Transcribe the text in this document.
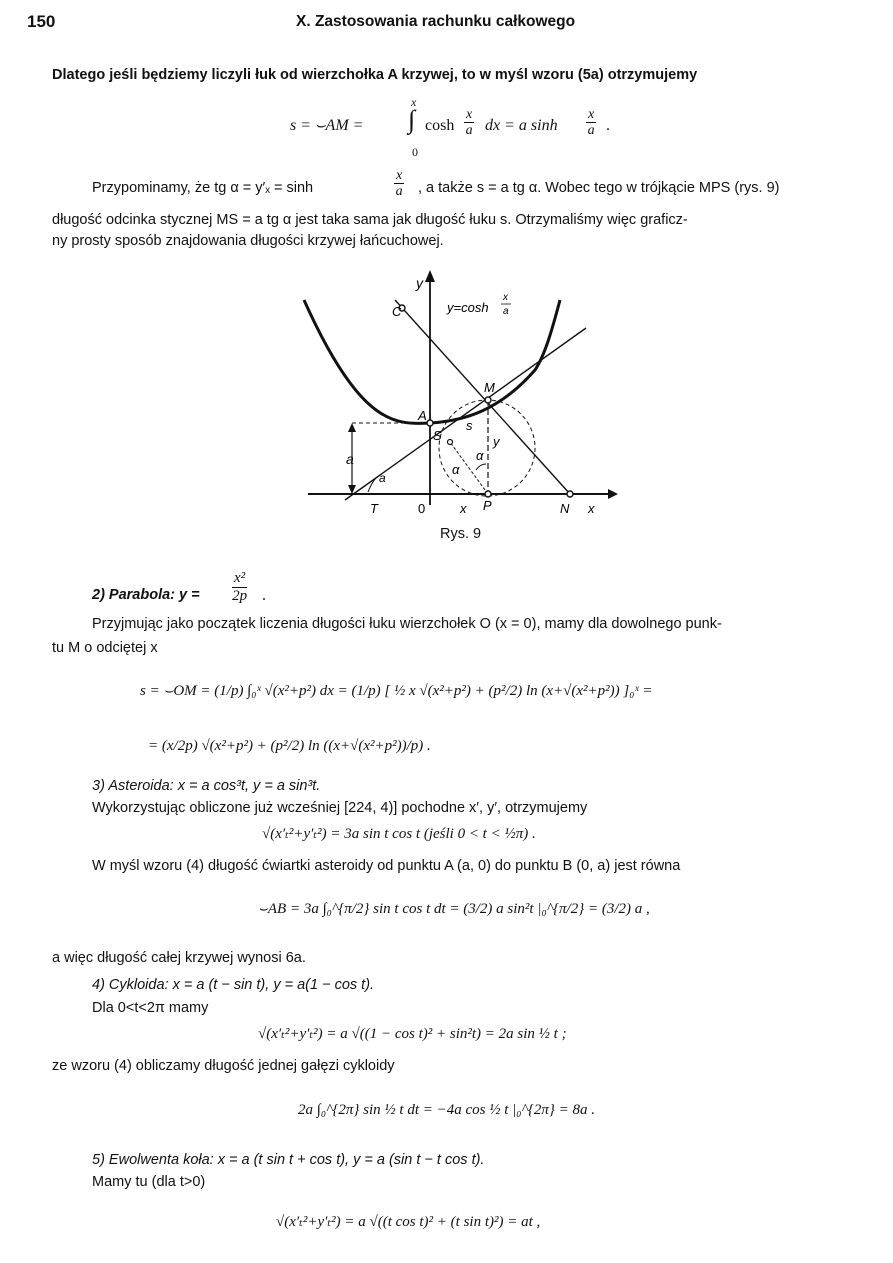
150	X. Zastosowania rachunku całkowego
Dlatego jeśli będziemy liczyli łuk od wierzchołka A krzywej, to w myśl wzoru (5a) otrzymujemy
s = ⌣AM =
x
∫
0
$\cosh \frac{x}{a}$ dx = a $\sinh \frac{x}{a}$ .
Przypominamy, że tg α = y′ₓ = sinh	$\frac{x}{a}$ , a także s = a tg α. Wobec tego w trójkącie MPS (rys. 9)
długość odcinka stycznej MS = a tg α jest taka sama jak długość łuku s. Otrzymaliśmy więc graficz-
ny prosty sposób znajdowania długości krzywej łańcuchowej.
y
y=cosh
x
a
C
M
A
S
s
y
α
α
a
a
T	0	x P	N x
Rys. 9
2) Parabola: $y = \frac{\text{x²}}{2p}$ .
Przyjmując jako początek liczenia długości łuku wierzchołek O (x = 0), mamy dla dowolnego punk-
tu M o odciętej x
s = ⌣OM = (1/p) ∫₀ˣ √(x²+p²) dx = (1/p) [ ½ x √(x²+p²) + (p²/2) ln (x+√(x²+p²)) ]₀ˣ =
= (x/2p) √(x²+p²) + (p²/2) ln ((x+√(x²+p²))/p) .
3) Asteroida: x = a cos³t, y = a sin³t.
Wykorzystując obliczone już wcześniej [224, 4)] pochodne x′, y′, otrzymujemy
√(x′ₜ²+y′ₜ²) = 3a sin t cos t (jeśli 0 < t < ½π) .
W myśl wzoru (4) długość ćwiartki asteroidy od punktu A (a, 0) do punktu B (0, a) jest równa
⌣AB = 3a ∫₀^{π/2} sin t cos t dt = (3/2) a sin²t |₀^{π/2} = (3/2) a ,
a więc długość całej krzywej wynosi 6a.
4) Cykloida: x = a (t − sin t), y = a(1 − cos t).
Dla 0<t<2π mamy
√(x′ₜ²+y′ₜ²) = a √((1 − cos t)² + sin²t) = 2a sin ½ t ;
ze wzoru (4) obliczamy długość jednej gałęzi cykloidy
2a ∫₀^{2π} sin ½ t dt = −4a cos ½ t |₀^{2π} = 8a .
5) Ewolwenta koła: x = a (t sin t + cos t), y = a (sin t − t cos t).
Mamy tu (dla t>0)
√(x′ₜ²+y′ₜ²) = a √((t cos t)² + (t sin t)²) = at ,
